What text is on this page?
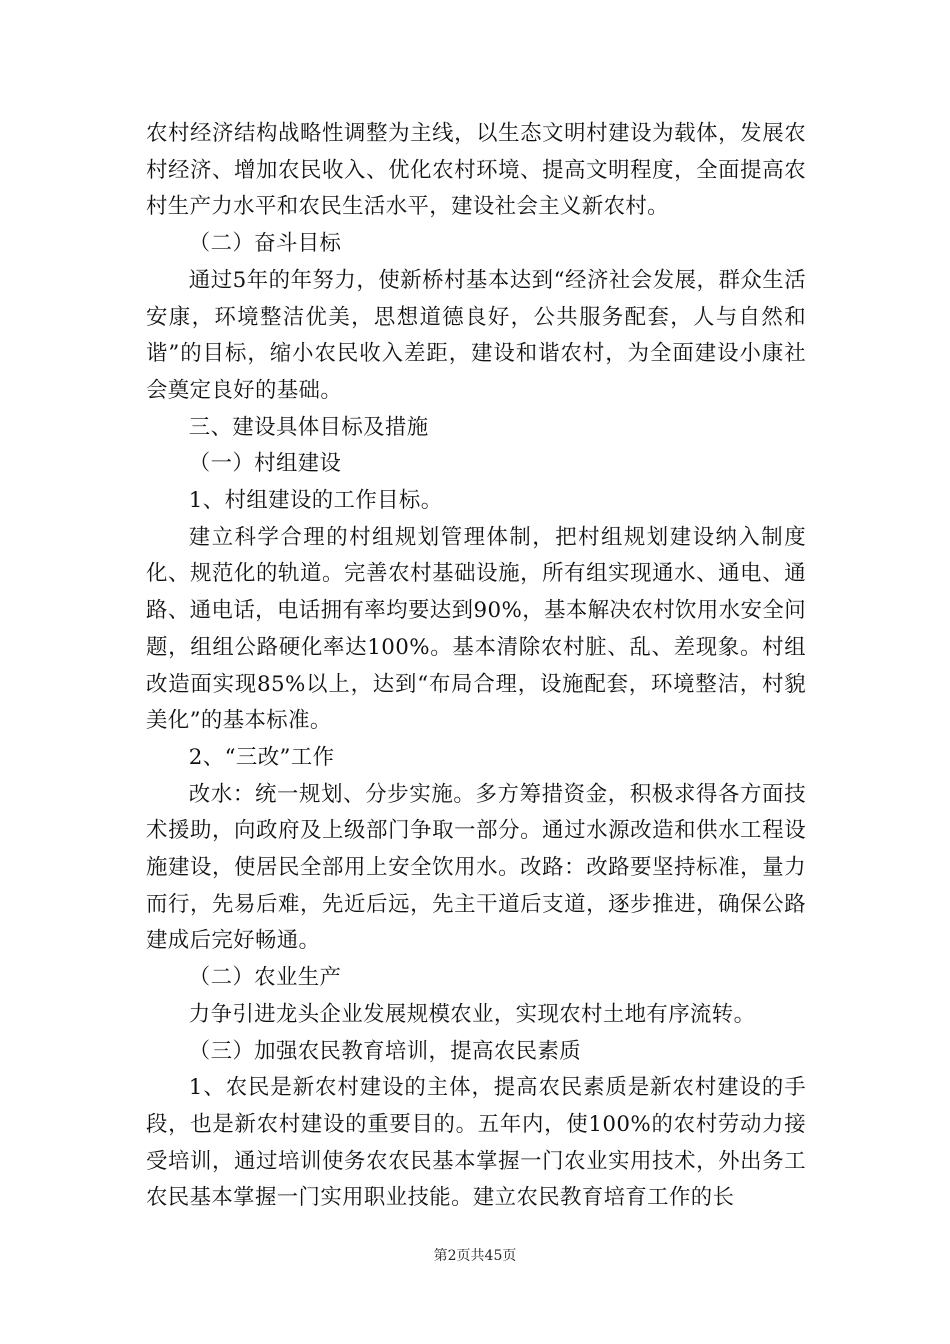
农村经济结构战略性调整为主线，以生态文明村建设为载体，发展农村经济、增加农民收入、优化农村环境、提高文明程度，全面提高农村生产力水平和农民生活水平，建设社会主义新农村。

（二）奋斗目标

通过5年的年努力，使新桥村基本达到“经济社会发展，群众生活安康，环境整洁优美，思想道德良好，公共服务配套，人与自然和谐”的目标，缩小农民收入差距，建设和谐农村，为全面建设小康社会奠定良好的基础。

三、建设具体目标及措施

（一）村组建设

1、村组建设的工作目标。

建立科学合理的村组规划管理体制，把村组规划建设纳入制度化、规范化的轨道。完善农村基础设施，所有组实现通水、通电、通路、通电话，电话拥有率均要达到90%，基本解决农村饮用水安全问题，组组公路硬化率达100%。基本清除农村脏、乱、差现象。村组改造面实现85%以上，达到“布局合理，设施配套，环境整洁，村貌美化”的基本标准。

2、“三改”工作

改水：统一规划、分步实施。多方筹措资金，积极求得各方面技术援助，向政府及上级部门争取一部分。通过水源改造和供水工程设施建设，使居民全部用上安全饮用水。改路：改路要坚持标准，量力而行，先易后难，先近后远，先主干道后支道，逐步推进，确保公路建成后完好畅通。

（二）农业生产

力争引进龙头企业发展规模农业，实现农村土地有序流转。

（三）加强农民教育培训，提高农民素质

1、农民是新农村建设的主体，提高农民素质是新农村建设的手段，也是新农村建设的重要目的。五年内，使100%的农村劳动力接受培训，通过培训使务农农民基本掌握一门农业实用技术，外出务工农民基本掌握一门实用职业技能。建立农民教育培育工作的长

第2页共45页
